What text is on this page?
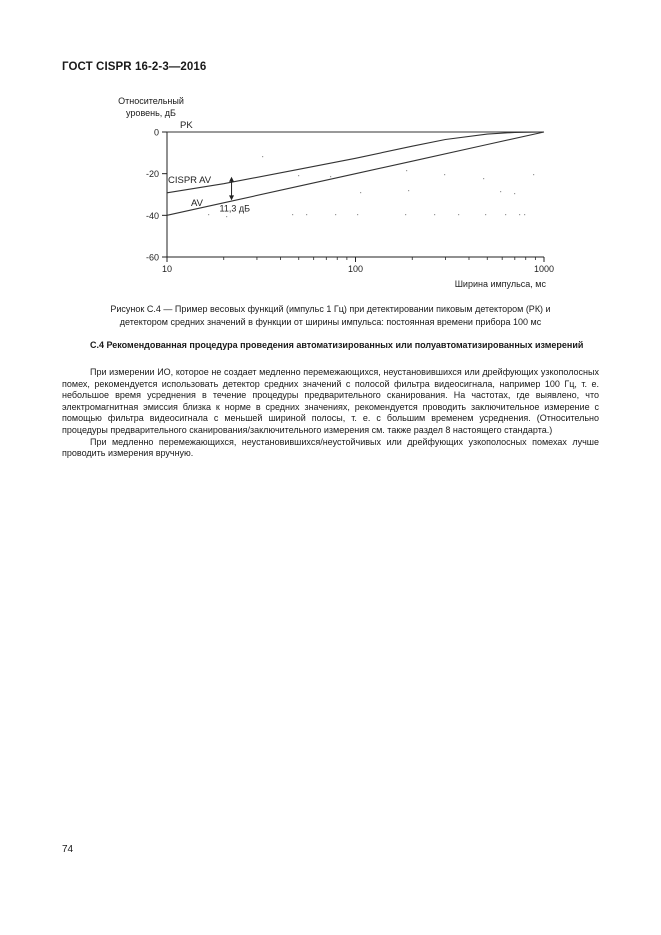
ГОСТ CISPR 16-2-3—2016
Относительный
уровень, дБ
0
-20
-40
-60
10	100	1000
Ширина импульса, мс
PK
CISPR AV
AV 11,3 дБ
Рисунок С.4 — Пример весовых функций (импульс 1 Гц) при детектировании пиковым детектором (РК) и
детектором средних значений в функции от ширины импульса: постоянная времени прибора 100 мс
С.4 Рекомендованная процедура проведения автоматизированных или полуавтоматизированных измерений

При измерении ИО, которое не создает медленно перемежающихся, неустановившихся или дрейфующих узкополосных помех, рекомендуется использовать детектор средних значений с полосой фильтра видеосигнала, например 100 Гц, т. е. небольшое время усреднения в течение процедуры предварительного сканирования. На частотах, где выявлено, что электромагнитная эмиссия близка к норме в средних значениях, рекомендуется проводить заключительное измерение с помощью фильтра видеосигнала с меньшей шириной полосы, т. е. с большим временем усреднения. (Относительно процедуры предварительного сканирования/заключительного измерения см. также раздел 8 настоящего стандарта.)

При медленно перемежающихся, неустановившихся/неустойчивых или дрейфующих узкополосных помехах лучше проводить измерения вручную.

74
